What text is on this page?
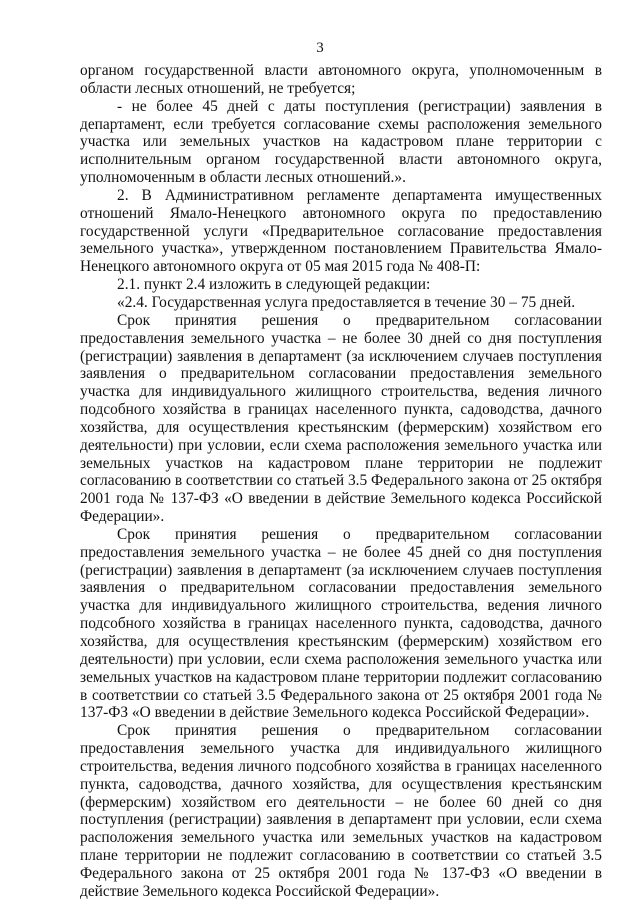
3

органом государственной власти автономного округа, уполномоченным в области лесных отношений, не требуется;

- не более 45 дней с даты поступления (регистрации) заявления в департамент, если требуется согласование схемы расположения земельного участка или земельных участков на кадастровом плане территории с исполнительным органом государственной власти автономного округа, уполномоченным в области лесных отношений.».

2. В Административном регламенте департамента имущественных отношений Ямало-Ненецкого автономного округа по предоставлению государственной услуги «Предварительное согласование предоставления земельного участка», утвержденном постановлением Правительства Ямало-Ненецкого автономного округа от 05 мая 2015 года № 408-П:

2.1. пункт 2.4 изложить в следующей редакции:

«2.4. Государственная услуга предоставляется в течение 30 – 75 дней.

Срок принятия решения о предварительном согласовании предоставления земельного участка – не более 30 дней со дня поступления (регистрации) заявления в департамент (за исключением случаев поступления заявления о предварительном согласовании предоставления земельного участка для индивидуального жилищного строительства, ведения личного подсобного хозяйства в границах населенного пункта, садоводства, дачного хозяйства, для осуществления крестьянским (фермерским) хозяйством его деятельности) при условии, если схема расположения земельного участка или земельных участков на кадастровом плане территории не подлежит согласованию в соответствии со статьей 3.5 Федерального закона от 25 октября 2001 года № 137-ФЗ «О введении в действие Земельного кодекса Российской Федерации».

Срок принятия решения о предварительном согласовании предоставления земельного участка – не более 45 дней со дня поступления (регистрации) заявления в департамент (за исключением случаев поступления заявления о предварительном согласовании предоставления земельного участка для индивидуального жилищного строительства, ведения личного подсобного хозяйства в границах населенного пункта, садоводства, дачного хозяйства, для осуществления крестьянским (фермерским) хозяйством его деятельности) при условии, если схема расположения земельного участка или земельных участков на кадастровом плане территории подлежит согласованию в соответствии со статьей 3.5 Федерального закона от 25 октября 2001 года № 137-ФЗ «О введении в действие Земельного кодекса Российской Федерации».

Срок принятия решения о предварительном согласовании предоставления земельного участка для индивидуального жилищного строительства, ведения личного подсобного хозяйства в границах населенного пункта, садоводства, дачного хозяйства, для осуществления крестьянским (фермерским) хозяйством его деятельности – не более 60 дней со дня поступления (регистрации) заявления в департамент при условии, если схема расположения земельного участка или земельных участков на кадастровом плане территории не подлежит согласованию в соответствии со статьей 3.5 Федерального закона от 25 октября 2001 года № 137-ФЗ «О введении в действие Земельного кодекса Российской Федерации».
